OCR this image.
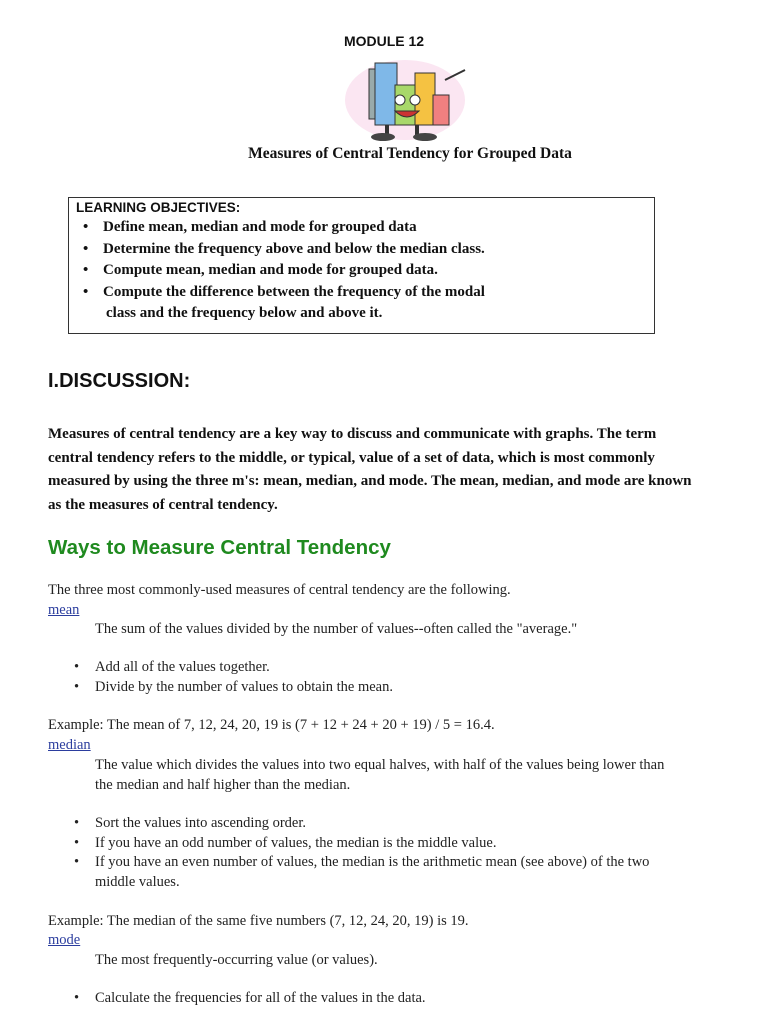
MODULE 12
Measures of Central Tendency for Grouped Data
LEARNING OBJECTIVES:
• Define mean, median and mode for grouped data
• Determine the frequency above and below the median class.
• Compute mean, median and mode for grouped data.
• Compute the difference between the frequency of the modal
class and the frequency below and above it.
I.DISCUSSION:
Measures of central tendency are a key way to discuss and communicate with graphs. The term
central tendency refers to the middle, or typical, value of a set of data, which is most commonly
measured by using the three m's: mean, median, and mode. The mean, median, and mode are known
as the measures of central tendency.
Ways to Measure Central Tendency
The three most commonly-used measures of central tendency are the following.
mean
The sum of the values divided by the number of values--often called the "average."
• Add all of the values together.
• Divide by the number of values to obtain the mean.
Example: The mean of 7, 12, 24, 20, 19 is (7 + 12 + 24 + 20 + 19) / 5 = 16.4.
median
The value which divides the values into two equal halves, with half of the values being lower than
the median and half higher than the median.
• Sort the values into ascending order.
• If you have an odd number of values, the median is the middle value.
• If you have an even number of values, the median is the arithmetic mean (see above) of the two
middle values.
Example: The median of the same five numbers (7, 12, 24, 20, 19) is 19.
mode
The most frequently-occurring value (or values).
• Calculate the frequencies for all of the values in the data.
